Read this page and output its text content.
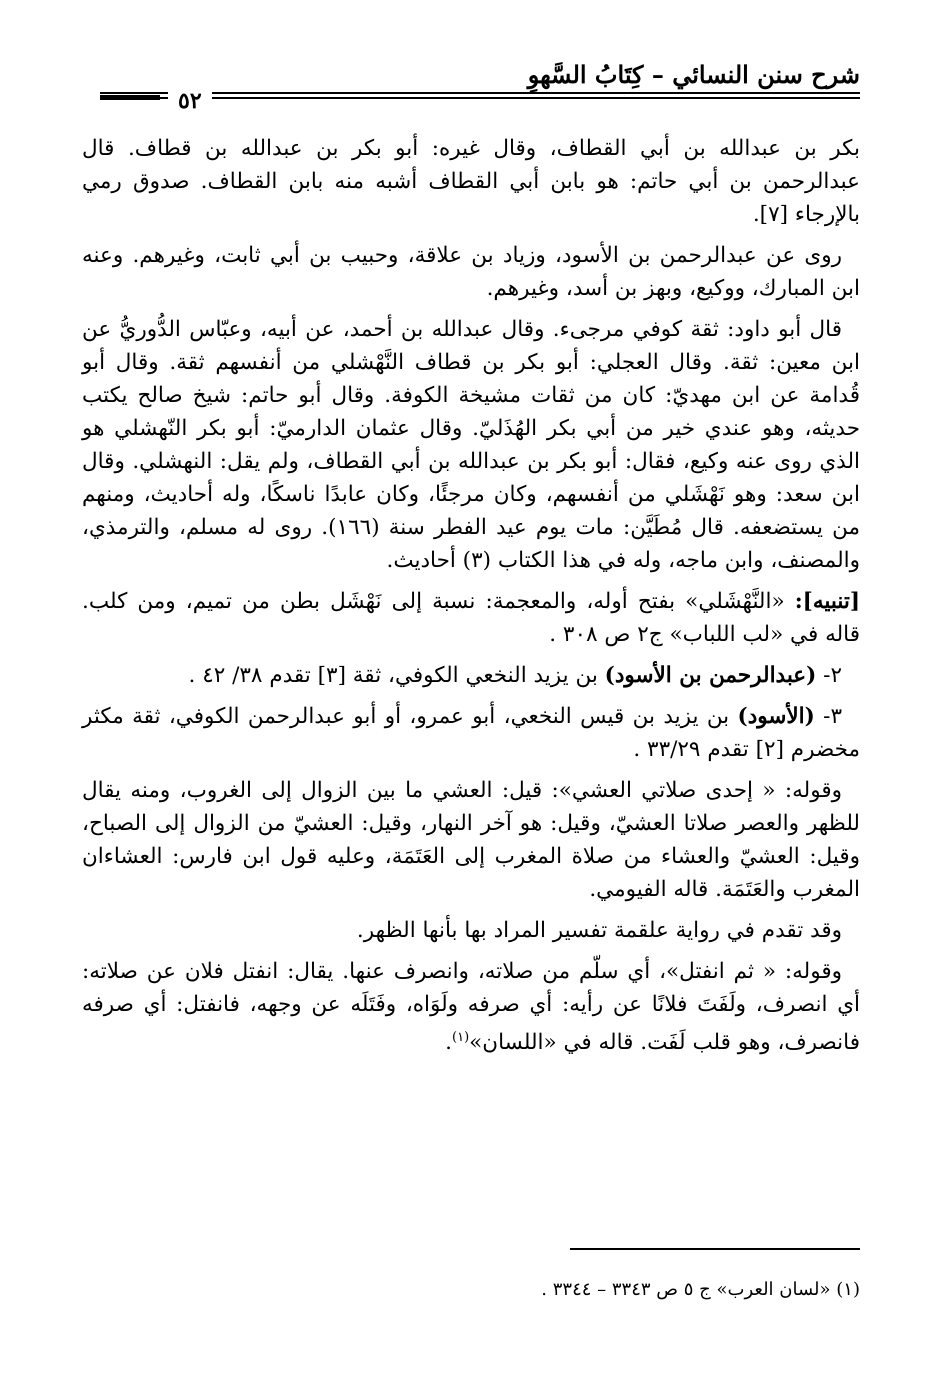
شرح سنن النسائي – كِتَابُ السَّهوِ
٥٢

بكر بن عبدالله بن أبي القطاف، وقال غيره: أبو بكر بن عبدالله بن قطاف. قال عبدالرحمن بن أبي حاتم: هو بابن أبي القطاف أشبه منه بابن القطاف. صدوق رمي بالإرجاء [٧].

روى عن عبدالرحمن بن الأسود، وزياد بن علاقة، وحبيب بن أبي ثابت، وغيرهم. وعنه ابن المبارك، ووكيع، وبهز بن أسد، وغيرهم.

قال أبو داود: ثقة كوفي مرجىء. وقال عبدالله بن أحمد، عن أبيه، وعبّاس الدُّوريُّ عن ابن معين: ثقة. وقال العجلي: أبو بكر بن قطاف النَّهْشلي من أنفسهم ثقة. وقال أبو قُدامة عن ابن مهديّ: كان من ثقات مشيخة الكوفة. وقال أبو حاتم: شيخ صالح يكتب حديثه، وهو عندي خير من أبي بكر الهُذَليّ. وقال عثمان الدارميّ: أبو بكر النّهشلي هو الذي روى عنه وكيع، فقال: أبو بكر بن عبدالله بن أبي القطاف، ولم يقل: النهشلي. وقال ابن سعد: وهو نَهْشَلي من أنفسهم، وكان مرجئًا، وكان عابدًا ناسكًا، وله أحاديث، ومنهم من يستضعفه. قال مُطَيَّن: مات يوم عيد الفطر سنة (١٦٦). روى له مسلم، والترمذي، والمصنف، وابن ماجه، وله في هذا الكتاب (٣) أحاديث.

[تنبيه]: «النَّهْشَلي» بفتح أوله، والمعجمة: نسبة إلى نَهْشَل بطن من تميم، ومن كلب. قاله في «لب اللباب» ج٢ ص ٣٠٨ .

٢- (عبدالرحمن بن الأسود) بن يزيد النخعي الكوفي، ثقة [٣] تقدم ٣٨/ ٤٢ .

٣- (الأسود) بن يزيد بن قيس النخعي، أبو عمرو، أو أبو عبدالرحمن الكوفي، ثقة مكثر مخضرم [٢] تقدم ٣٣/٢٩ .

وقوله: « إحدى صلاتي العشي»: قيل: العشي ما بين الزوال إلى الغروب، ومنه يقال للظهر والعصر صلاتا العشيّ، وقيل: هو آخر النهار، وقيل: العشيّ من الزوال إلى الصباح، وقيل: العشيّ والعشاء من صلاة المغرب إلى العَتَمَة، وعليه قول ابن فارس: العشاءان المغرب والعَتَمَة. قاله الفيومي.

وقد تقدم في رواية علقمة تفسير المراد بها بأنها الظهر.

وقوله: « ثم انفتل»، أي سلّم من صلاته، وانصرف عنها. يقال: انفتل فلان عن صلاته: أي انصرف، ولَفَتَ فلانًا عن رأيه: أي صرفه ولَوَاه، وفَتَلَه عن وجهه، فانفتل: أي صرفه فانصرف، وهو قلب لَفَت. قاله في «اللسان»$^{(١)}$.

(١) «لسان العرب» ج ٥ ص ٣٣٤٣ – ٣٣٤٤ .
